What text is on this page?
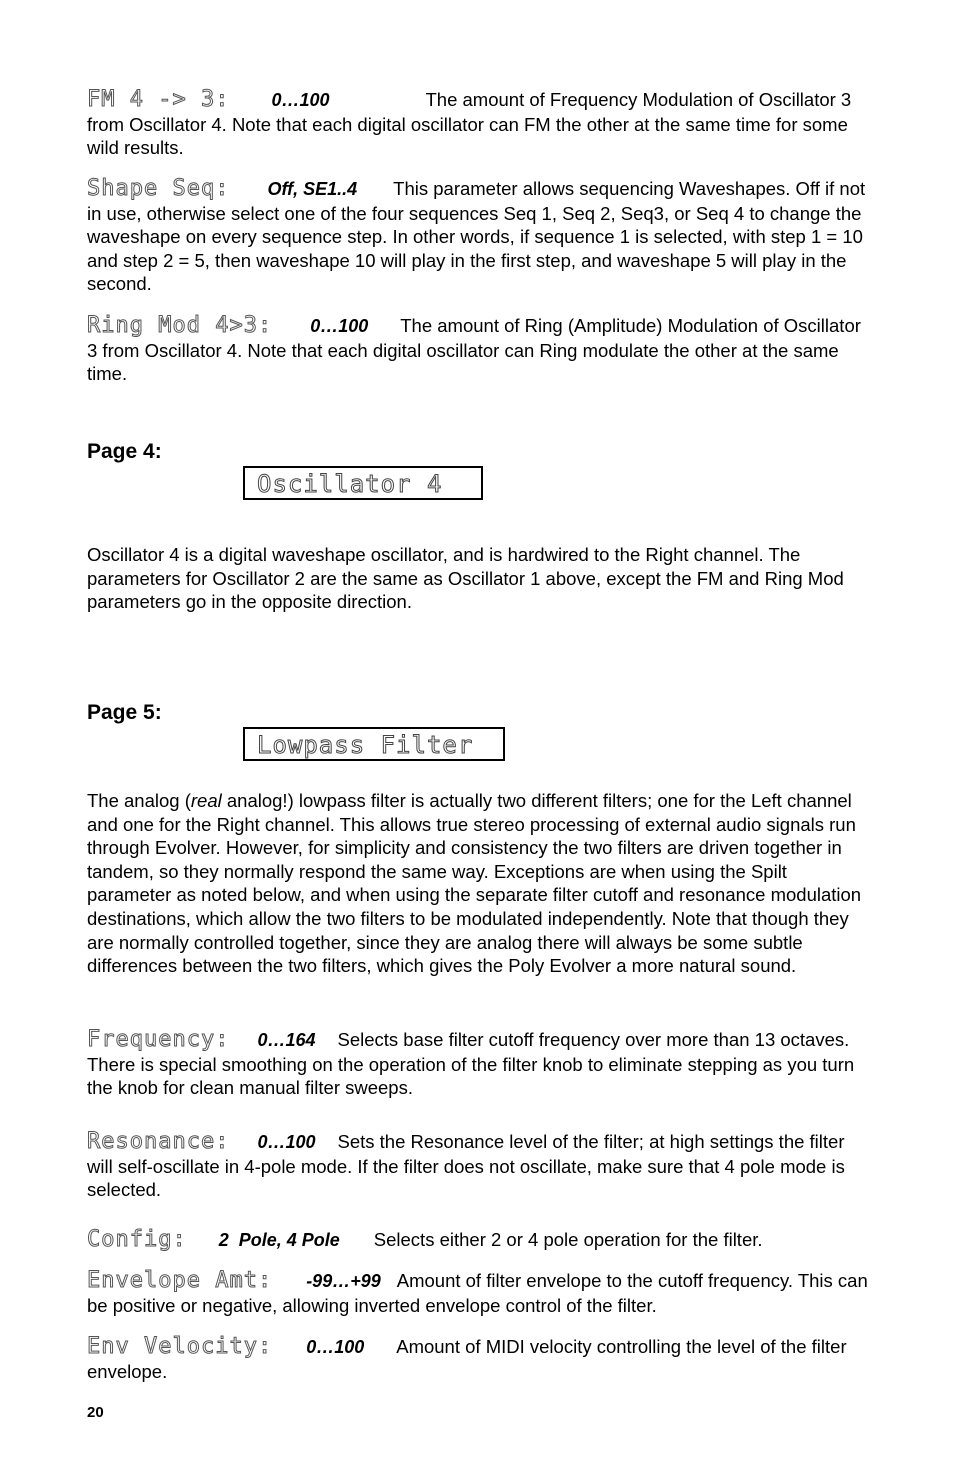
FM 4 -> 3: 0…100	The amount of Frequency Modulation of Oscillator 3 from Oscillator 4. Note that each digital oscillator can FM the other at the same time for some wild results.

Shape Seq: Off, SE1..4 This parameter allows sequencing Waveshapes. Off if not in use, otherwise select one of the four sequences Seq 1, Seq 2, Seq3, or Seq 4 to change the waveshape on every sequence step. In other words, if sequence 1 is selected, with step 1 = 10 and step 2 = 5, then waveshape 10 will play in the first step, and waveshape 5 will play in the second.

Ring Mod 4>3: 0…100 The amount of Ring (Amplitude) Modulation of Oscillator 3 from Oscillator 4. Note that each digital oscillator can Ring modulate the other at the same time.

Page 4:
Oscillator 4

Oscillator 4 is a digital waveshape oscillator, and is hardwired to the Right channel. The parameters for Oscillator 2 are the same as Oscillator 1 above, except the FM and Ring Mod parameters go in the opposite direction.

Page 5:
Lowpass Filter

The analog (real analog!) lowpass filter is actually two different filters; one for the Left channel and one for the Right channel. This allows true stereo processing of external audio signals run through Evolver. However, for simplicity and consistency the two filters are driven together in tandem, so they normally respond the same way. Exceptions are when using the Spilt parameter as noted below, and when using the separate filter cutoff and resonance modulation destinations, which allow the two filters to be modulated independently. Note that though they are normally controlled together, since they are analog there will always be some subtle differences between the two filters, which gives the Poly Evolver a more natural sound.

Frequency: 0…164 Selects base filter cutoff frequency over more than 13 octaves. There is special smoothing on the operation of the filter knob to eliminate stepping as you turn the knob for clean manual filter sweeps.

Resonance: 0…100 Sets the Resonance level of the filter; at high settings the filter will self-oscillate in 4-pole mode. If the filter does not oscillate, make sure that 4 pole mode is selected.

Config: 2  Pole, 4 Pole Selects either 2 or 4 pole operation for the filter.

Envelope Amt: -99…+99 Amount of filter envelope to the cutoff frequency. This can be positive or negative, allowing inverted envelope control of the filter.

Env Velocity: 0…100 Amount of MIDI velocity controlling the level of the filter envelope.

20
